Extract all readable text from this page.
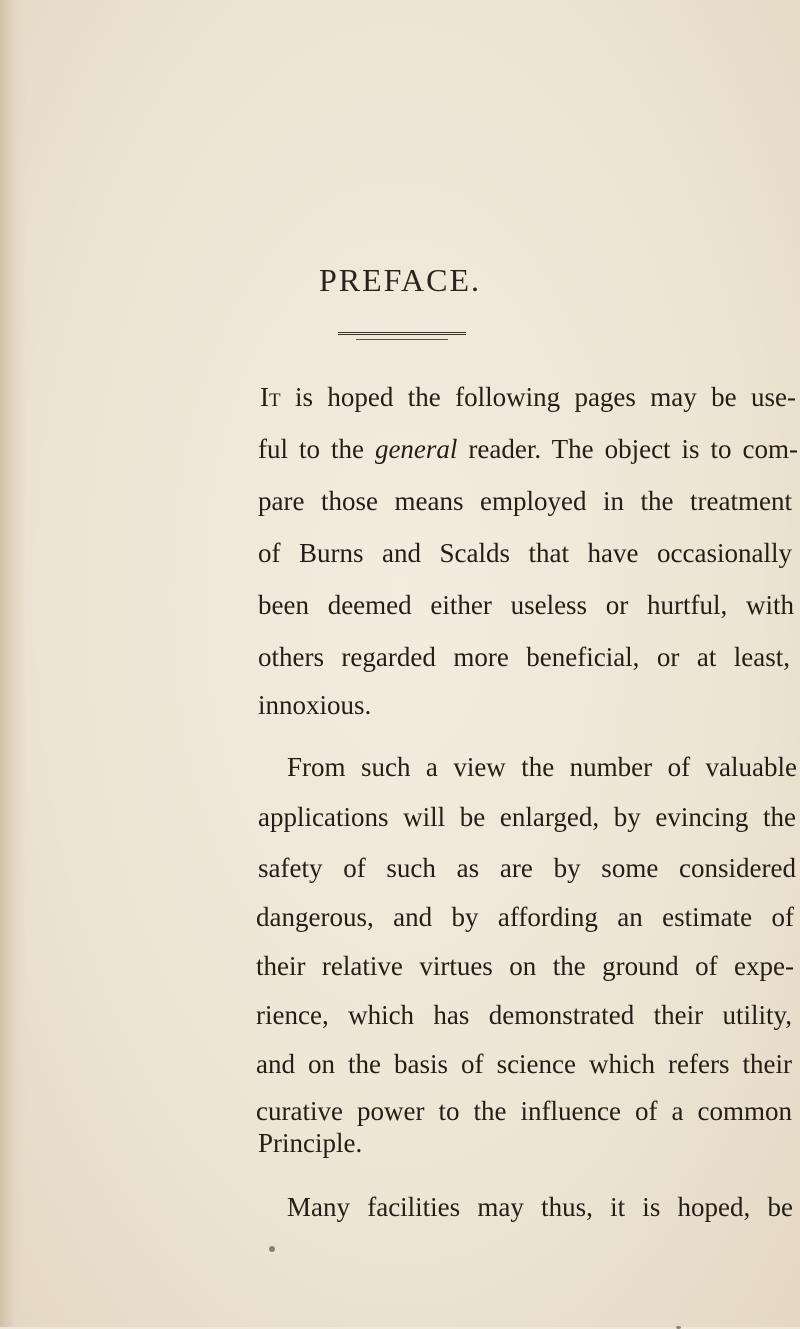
PREFACE.
It is hoped the following pages may be use-
ful to the general reader. The object is to com-
pare those means employed in the treatment
of Burns and Scalds that have occasionally
been deemed either useless or hurtful, with
others regarded more beneficial, or at least,
innoxious.
From such a view the number of valuable
applications will be enlarged, by evincing the
safety of such as are by some considered
dangerous, and by affording an estimate of
their relative virtues on the ground of expe-
rience, which has demonstrated their utility,
and on the basis of science which refers their
curative power to the influence of a common
Principle.
Many facilities may thus, it is hoped, be
